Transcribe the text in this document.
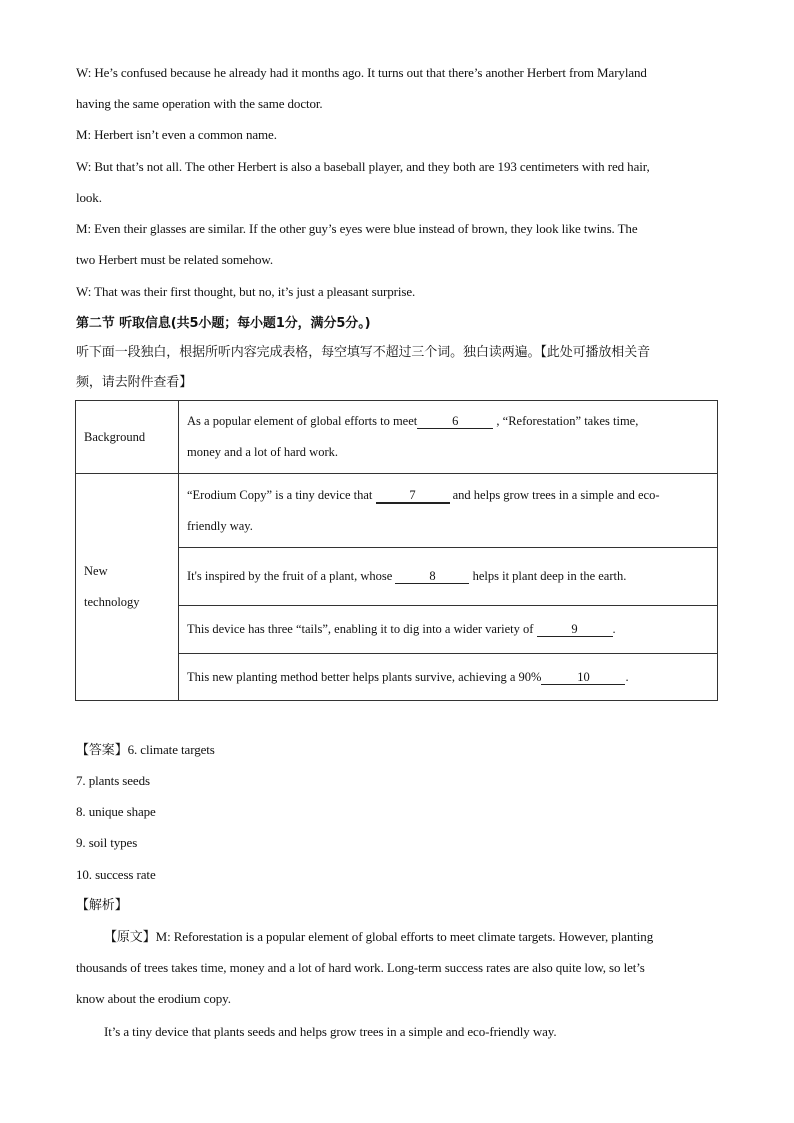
W: He’s confused because he already had it months ago. It turns out that there’s another Herbert from Maryland
having the same operation with the same doctor.
M: Herbert isn’t even a common name.
W: But that’s not all. The other Herbert is also a baseball player, and they both are 193 centimeters with red hair,
look.
M: Even their glasses are similar. If the other guy’s eyes were blue instead of brown, they look like twins. The
two Herbert must be related somehow.
W: That was their first thought, but no, it’s just a pleasant surprise.
第二节 听取信息(共5小题；每小题1分，满分5分。)
听下面一段独白，根据所听内容完成表格，每空填写不超过三个词。独白读两遍。【此处可播放相关音
频，请去附件查看】
Background	As a popular element of global efforts to meet 6 , “Reforestation” takes time,
money and a lot of hard work.
New
technology	“Erodium Copy” is a tiny device that 7 and helps grow trees in a simple and eco-
friendly way.
	It's inspired by the fruit of a plant, whose 8 helps it plant deep in the earth.
	This device has three “tails”, enabling it to dig into a wider variety of 9 .
	This new planting method better helps plants survive, achieving a 90% 10 .
【答案】6. climate targets
7. plants seeds
8. unique shape
9. soil types
10. success rate
【解析】
【原文】M: Reforestation is a popular element of global efforts to meet climate targets. However, planting
thousands of trees takes time, money and a lot of hard work. Long-term success rates are also quite low, so let’s
know about the erodium copy.
It’s a tiny device that plants seeds and helps grow trees in a simple and eco-friendly way.
